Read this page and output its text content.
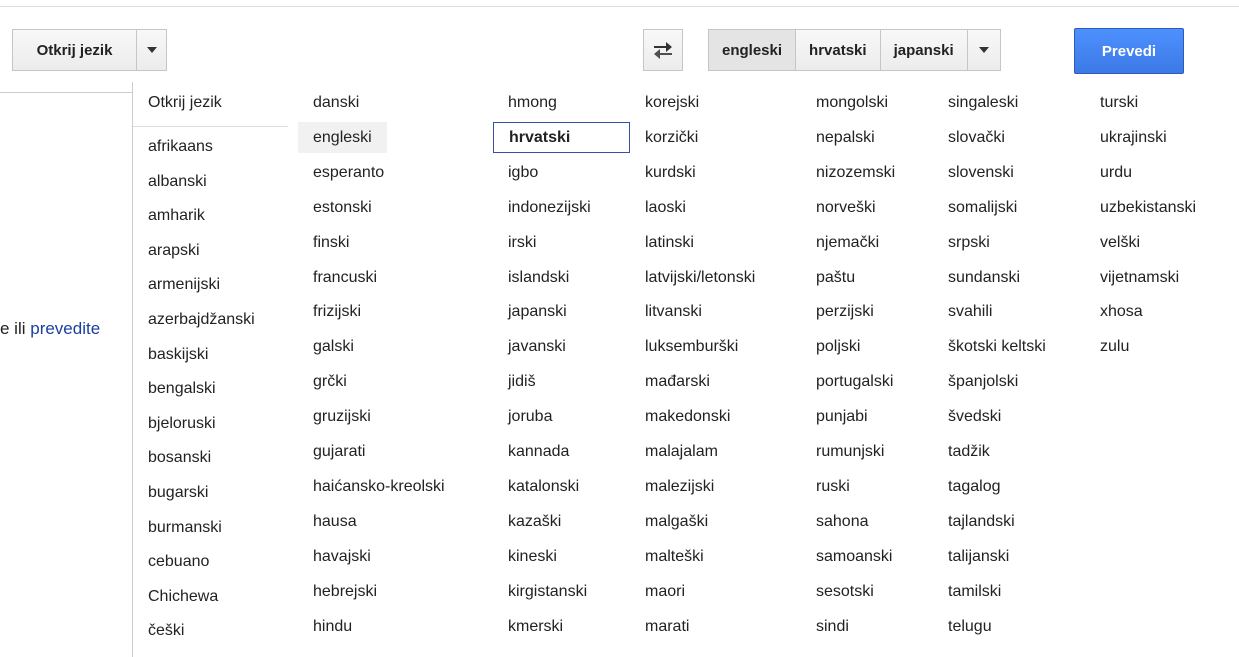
Otkrij jezik	engleski	hrvatski	japanski	Prevedi
e ili prevedite
Otkrij jezik
afrikaans
albanski
amharik
arapski
armenijski
azerbajdžanski
baskijski
bengalski
bjeloruski
bosanski
bugarski
burmanski
cebuano
Chichewa
češki
danski
engleski
esperanto
estonski
finski
francuski
frizijski
galski
grčki
gruzijski
gujarati
haićansko-kreolski
hausa
havajski
hebrejski
hindu
hmong
hrvatski
igbo
indonezijski
irski
islandski
japanski
javanski
jidiš
joruba
kannada
katalonski
kazaški
kineski
kirgistanski
kmerski
korejski
korzički
kurdski
laoski
latinski
latvijski/letonski
litvanski
luksemburški
mađarski
makedonski
malajalam
malezijski
malgaški
malteški
maori
marati
mongolski
nepalski
nizozemski
norveški
njemački
paštu
perzijski
poljski
portugalski
punjabi
rumunjski
ruski
sahona
samoanski
sesotski
sindi
singaleski
slovački
slovenski
somalijski
srpski
sundanski
svahili
škotski keltski
španjolski
švedski
tadžik
tagalog
tajlandski
talijanski
tamilski
telugu
turski
ukrajinski
urdu
uzbekistanski
velški
vijetnamski
xhosa
zulu
